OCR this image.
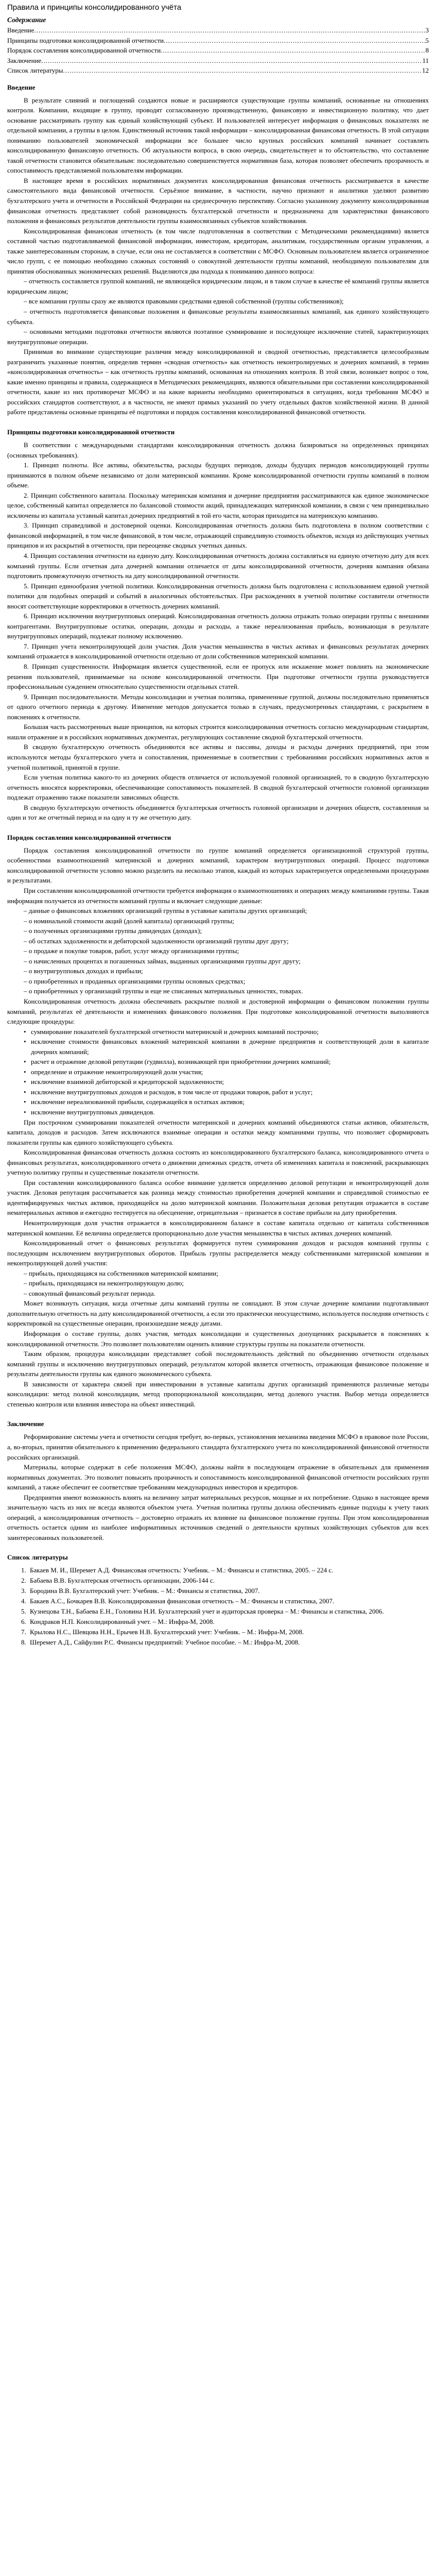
Правила и принципы консолидированного учёта
Содержание
Введение .....	3
Принципы подготовки консолидированной отчетности .....	5
Порядок составления консолидированной отчетности .....	8
Заключение .....	11
Список литературы .....	12
Введение

В результате слияний и поглощений создаются новые и расширяются существующие группы компаний, основанные на отношениях контроля. Компании, входящие в группу, проводят согласованную производственную, финансовую и инвестиционную политику, что дает основание рассматривать группу как единый хозяйствующий субъект. И пользователей интересует информация о финансовых показателях не отдельной компании, а группы в целом. Единственный источник такой информации – консолидированная финансовая отчетность. В этой ситуации пониманию пользователей экономической информации все большее число крупных российских компаний начинает составлять консолидированную финансовую отчетность. Об актуальности вопроса, в свою очередь, свидетельствует и то обстоятельство, что составление такой отчетности становится обязательным: последовательно совершенствуется нормативная база, которая позволяет обеспечить прозрачность и сопоставимость представляемой пользователям информации.

В настоящее время в российских нормативных документах консолидированная финансовая отчетность рассматривается в качестве самостоятельного вида финансовой отчетности. Серьёзное внимание, в частности, научно признают и аналитики уделяют развитию бухгалтерского учета и отчетности в Российской Федерации на среднесрочную перспективу. Согласно указанному документу консолидированная финансовая отчетность представляет собой разновидность бухгалтерской отчетности и предназначена для характеристики финансового положения и финансовых результатов деятельности группы взаимосвязанных субъектов хозяйствования.

Консолидированная финансовая отчетность (в том числе подготовленная в соответствии с Методическими рекомендациями) является составной частью подготавливаемой финансовой информации, инвесторам, кредиторам, аналитикам, государственным органам управления, а также заинтересованным сторонам, в случае, если она не составляется в соответствии с МСФО. Основным пользователем является ограниченное число групп, с ее помощью необходимо сложных состояний о совокупной деятельности группы компаний, необходимую пользователям для принятия обоснованных экономических решений. Выделяются два подхода к пониманию данного вопроса:

– отчетность составляется группой компаний, не являющейся юридическим лицом, и в таком случае в качестве её компаний группы является юридическим лицом;

– все компании группы сразу же являются правовыми средствами единой собственной (группы собственников);

– отчетность подготовляется финансовые положения и финансовые результаты взаимосвязанных компаний, как единого хозяйствующего субъекта.

– основными методами подготовки отчетности являются поэтапное суммирование и последующее исключение статей, характеризующих внутригрупповые операции.

Принимая во внимание существующие различия между консолидированной и сводной отчетностью, представляется целесообразным разграничить указанные понятия, определив термин «сводная отчетность» как отчетность неконтролируемых и дочерних компаний, в термин «консолидированная отчетность» – как отчетность группы компаний, основанная на отношениях контроля. В этой связи, возникает вопрос о том, какие именно принципы и правила, содержащиеся в Методических рекомендациях, являются обязательными при составлении консолидированной отчетности, какие из них противоречат МСФО и на какие варианты необходимо ориентироваться в ситуациях, когда требования МСФО и российских стандартов соответствуют, а в частности, не имеют прямых указаний по учету отдельных фактов хозяйственной жизни. В данной работе представлены основные принципы её подготовки и порядок составления консолидированной финансовой отчетности.

Принципы подготовки консолидированной отчетности

В соответствии с международными стандартами консолидированная отчетность должна базироваться на определенных принципах (основных требованиях).

1. Принцип полноты. Все активы, обязательства, расходы будущих периодов, доходы будущих периодов консолидирующей группы принимаются в полном объеме независимо от доли материнской компании. Кроме консолидированной отчетности группы компаний в полном объеме.

2. Принцип собственного капитала. Поскольку материнская компания и дочерние предприятия рассматриваются как единое экономическое целое, собственный капитал определяется по балансовой стоимости акций, принадлежащих материнской компании, в связи с чем принципиально исключены из капитала уставный капитал дочерних предприятий в той его части, которая приходится на материнскую компанию.

3. Принцип справедливой и достоверной оценки. Консолидированная отчетность должна быть подготовлена в полном соответствии с финансовой информацией, в том числе финансовой, в том числе, отражающей справедливую стоимость объектов, исходя из действующих учетных принципов и их раскрытий в отчетности, при переоценке сводных учетных данных.

4. Принцип составления отчетности на единую дату. Консолидированная отчетность должна составляться на единую отчетную дату для всех компаний группы. Если отчетная дата дочерней компании отличается от даты консолидированной отчетности, дочерняя компания обязана подготовить промежуточную отчетность на дату консолидированной отчетности.

5. Принцип единообразия учетной политики. Консолидированная отчетность должна быть подготовлена с использованием единой учетной политики для подобных операций и событий в аналогичных обстоятельствах. При расхождениях в учетной политике составители отчетности вносят соответствующие корректировки в отчетность дочерних компаний.

6. Принцип исключения внутригрупповых операций. Консолидированная отчетность должна отражать только операции группы с внешними контрагентами. Внутригрупповые остатки, операции, доходы и расходы, а также нереализованная прибыль, возникающая в результате внутригрупповых операций, подлежат полному исключению.

7. Принцип учета неконтролирующей доли участия. Доля участия меньшинства в чистых активах и финансовых результатах дочерних компаний отражается в консолидированной отчетности отдельно от доли собственников материнской компании.

8. Принцип существенности. Информация является существенной, если ее пропуск или искажение может повлиять на экономические решения пользователей, принимаемые на основе консолидированной отчетности. При подготовке отчетности группа руководствуется профессиональным суждением относительно существенности отдельных статей.

9. Принцип последовательности. Методы консолидации и учетная политика, примененные группой, должны последовательно применяться от одного отчетного периода к другому. Изменение методов допускается только в случаях, предусмотренных стандартами, с раскрытием в пояснениях к отчетности.

Большая часть рассмотренных выше принципов, на которых строится консолидированная отчетность согласно международным стандартам, нашли отражение и в российских нормативных документах, регулирующих составление сводной бухгалтерской отчетности.

В сводную бухгалтерскую отчетность объединяются все активы и пассивы, доходы и расходы дочерних предприятий, при этом используются методы бухгалтерского учета и сопоставления, применяемые в соответствии с требованиями российских нормативных актов и учетной политикой, принятой в группе.

Если учетная политика какого-то из дочерних обществ отличается от используемой головной организацией, то в сводную бухгалтерскую отчетность вносятся корректировки, обеспечивающие сопоставимость показателей. В сводной бухгалтерской отчетности головной организации подлежат отражению также показатели зависимых обществ.

В сводную бухгалтерскую отчетность объединяется бухгалтерская отчетность головной организации и дочерних обществ, составленная за один и тот же отчетный период и на одну и ту же отчетную дату.

Порядок составления консолидированной отчетности

Порядок составления консолидированной отчетности по группе компаний определяется организационной структурой группы, особенностями взаимоотношений материнской и дочерних компаний, характером внутригрупповых операций. Процесс подготовки консолидированной отчетности условно можно разделить на несколько этапов, каждый из которых характеризуется определенными процедурами и результатами.

При составлении консолидированной отчетности требуется информация о взаимоотношениях и операциях между компаниями группы. Такая информация получается из отчетности компаний группы и включает следующие данные:

– данные о финансовых вложениях организаций группы в уставные капиталы других организаций;

– о номинальной стоимости акций (долей капитала) организаций группы;

– о полученных организациями группы дивидендах (доходах);

– об остатках задолженности и дебиторской задолженности организаций группы друг другу;

– о продаже и покупке товаров, работ, услуг между организациями группы;

– о начисленных процентах и погашенных займах, выданных организациями группы друг другу;

– о внутригрупповых доходах и прибыли;

– о приобретенных и проданных организациями группы основных средствах;

– о приобретенных у организаций группы и еще не списанных материальных ценностях, товарах.

Консолидированная отчетность должна обеспечивать раскрытие полной и достоверной информации о финансовом положении группы компаний, результатах её деятельности и изменениях финансового положения. При подготовке консолидированной отчетности выполняются следующие процедуры:

• суммирование показателей бухгалтерской отчетности материнской и дочерних компаний построчно;
• исключение стоимости финансовых вложений материнской компании в дочерние предприятия и соответствующей доли в капитале дочерних компаний;
• расчет и отражение деловой репутации (гудвилла), возникающей при приобретении дочерних компаний;
• определение и отражение неконтролирующей доли участия;
• исключение взаимной дебиторской и кредиторской задолженности;
• исключение внутригрупповых доходов и расходов, в том числе от продажи товаров, работ и услуг;
• исключение нереализованной прибыли, содержащейся в остатках активов;
• исключение внутригрупповых дивидендов.

При построчном суммировании показателей отчетности материнской и дочерних компаний объединяются статьи активов, обязательств, капитала, доходов и расходов. Затем исключаются взаимные операции и остатки между компаниями группы, что позволяет сформировать показатели группы как единого хозяйствующего субъекта.

Консолидированная финансовая отчетность должна состоять из консолидированного бухгалтерского баланса, консолидированного отчета о финансовых результатах, консолидированного отчета о движении денежных средств, отчета об изменениях капитала и пояснений, раскрывающих учетную политику группы и существенные показатели отчетности.

При составлении консолидированного баланса особое внимание уделяется определению деловой репутации и неконтролирующей доли участия. Деловая репутация рассчитывается как разница между стоимостью приобретения дочерней компании и справедливой стоимостью ее идентифицируемых чистых активов, приходящейся на долю материнской компании. Положительная деловая репутация отражается в составе нематериальных активов и ежегодно тестируется на обесценение, отрицательная – признается в составе прибыли на дату приобретения.

Неконтролирующая доля участия отражается в консолидированном балансе в составе капитала отдельно от капитала собственников материнской компании. Её величина определяется пропорционально доле участия меньшинства в чистых активах дочерних компаний.

Консолидированный отчет о финансовых результатах формируется путем суммирования доходов и расходов компаний группы с последующим исключением внутригрупповых оборотов. Прибыль группы распределяется между собственниками материнской компании и неконтролирующей долей участия:

– прибыль, приходящаяся на собственников материнской компании;

– прибыль, приходящаяся на неконтролирующую долю;

– совокупный финансовый результат периода.

Может возникнуть ситуация, когда отчетные даты компаний группы не совпадают. В этом случае дочерние компании подготавливают дополнительную отчетность на дату консолидированной отчетности, а если это практически неосуществимо, используется последняя отчетность с корректировкой на существенные операции, произошедшие между датами.

Информация о составе группы, долях участия, методах консолидации и существенных допущениях раскрывается в пояснениях к консолидированной отчетности. Это позволяет пользователям оценить влияние структуры группы на показатели отчетности.

Таким образом, процедура консолидации представляет собой последовательность действий по объединению отчетности отдельных компаний группы и исключению внутригрупповых операций, результатом которой является отчетность, отражающая финансовое положение и результаты деятельности группы как единого экономического субъекта.

В зависимости от характера связей при инвестировании в уставные капиталы других организаций применяются различные методы консолидации: метод полной консолидации, метод пропорциональной консолидации, метод долевого участия. Выбор метода определяется степенью контроля или влияния инвестора на объект инвестиций.

Заключение

Реформирование системы учета и отчетности сегодня требует, во-первых, установления механизма введения МСФО в правовое поле России, а, во-вторых, принятия обязательного к применению федерального стандарта бухгалтерского учета по консолидированной финансовой отчетности российских организаций.

Материалы, которые содержат в себе положения МСФО, должны найти в последующем отражение в обязательных для применения нормативных документах. Это позволит повысить прозрачность и сопоставимость консолидированной финансовой отчетности российских групп компаний, а также обеспечит ее соответствие требованиям международных инвесторов и кредиторов.

Предприятия имеют возможность влиять на величину затрат материальных ресурсов, мощные и их потребление. Однако в настоящее время значительную часть из них не всегда являются объектом учета. Учетная политика группы должна обеспечивать единые подходы к учету таких операций, а консолидированная отчетность – достоверно отражать их влияние на финансовое положение группы. При этом консолидированная отчетность остается одним из наиболее информативных источников сведений о деятельности крупных хозяйствующих субъектов для всех заинтересованных пользователей.

Список литературы
1. Бакаев М. И., Шеремет А.Д. Финансовая отчетность: Учебник. – М.: Финансы и статистика, 2005. – 224 с.
2. Бабаева В.В. Бухгалтерская отчетность организации, 2006-144 с.
3. Бородина В.В. Бухгалтерский учет: Учебник. – М.: Финансы и статистика, 2007.
4. Бакаев А.С., Бочкарев В.В. Консолидированная финансовая отчетность – М.: Финансы и статистика, 2007.
5. Кузнецова Т.Н., Бабаева Е.Н., Головина Н.И. Бухгалтерский учет и аудиторская проверка – М.: Финансы и статистика, 2006.
6. Кондраков Н.П. Консолидированный учет. – М.: Инфра-М, 2008.
7. Крылова Н.С., Шевцова Н.Н., Ерычев Н.В. Бухгалтерский учет: Учебник. – М.: Инфра-М, 2008.
8. Шеремет А.Д., Сайфулин Р.С. Финансы предприятий: Учебное пособие. – М.: Инфра-М, 2008.
